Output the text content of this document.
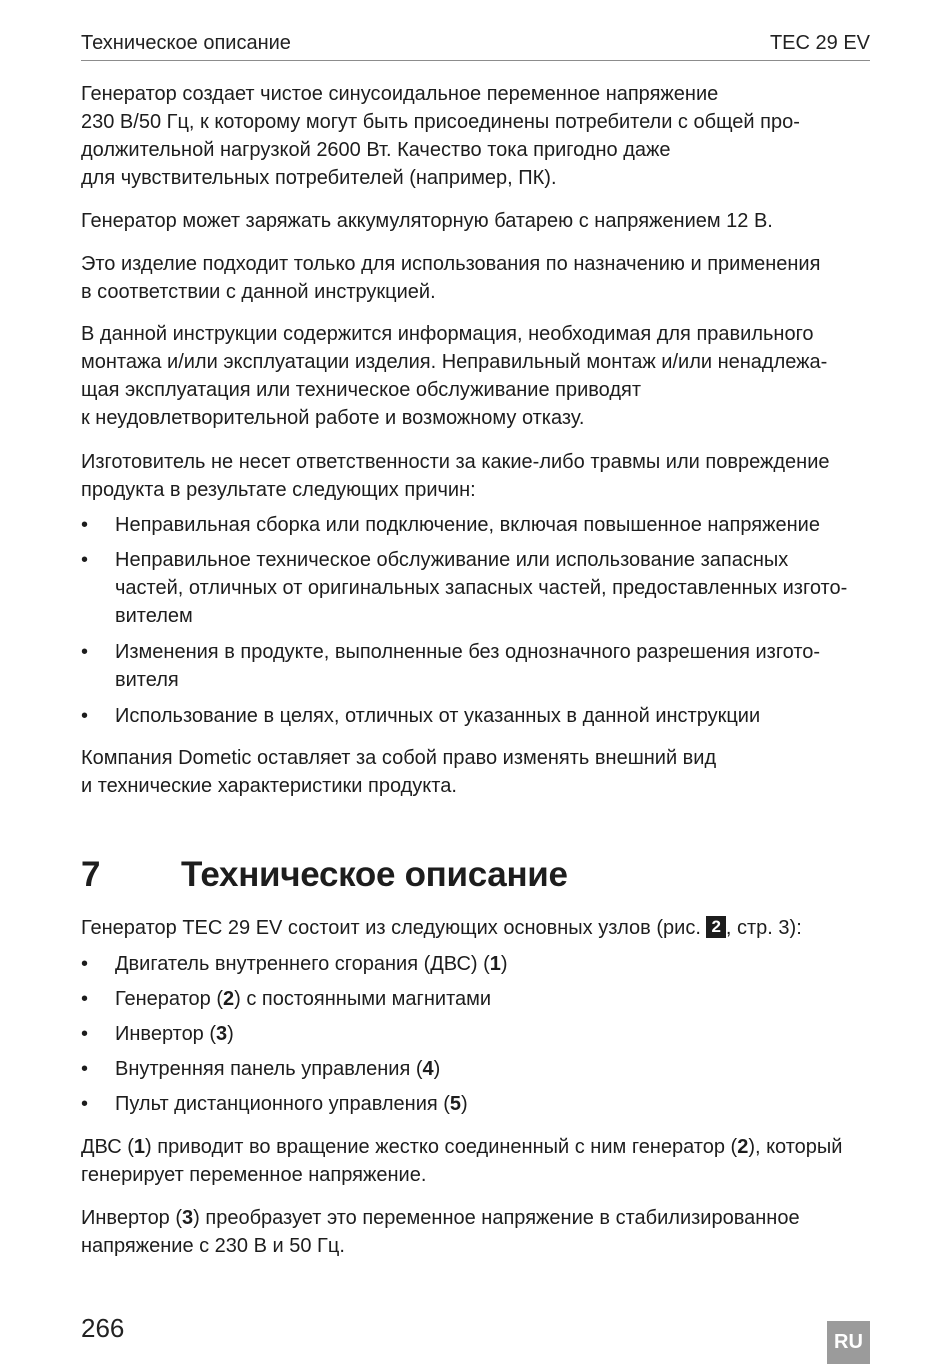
Техническое описание	TEC 29 EV
Генератор создает чистое синусоидальное переменное напряжение
230 В/50 Гц, к которому могут быть присоединены потребители с общей про-
должительной нагрузкой 2600 Вт. Качество тока пригодно даже
для чувствительных потребителей (например, ПК).
Генератор может заряжать аккумуляторную батарею с напряжением 12 В.
Это изделие подходит только для использования по назначению и применения
в соответствии с данной инструкцией.
В данной инструкции содержится информация, необходимая для правильного
монтажа и/или эксплуатации изделия. Неправильный монтаж и/или ненадлежа-
щая эксплуатация или техническое обслуживание приводят
к неудовлетворительной работе и возможному отказу.
Изготовитель не несет ответственности за какие-либо травмы или повреждение
продукта в результате следующих причин:
• Неправильная сборка или подключение, включая повышенное напряжение
• Неправильное техническое обслуживание или использование запасных
частей, отличных от оригинальных запасных частей, предоставленных изгото-
вителем
• Изменения в продукте, выполненные без однозначного разрешения изгото-
вителя
• Использование в целях, отличных от указанных в данной инструкции
Компания Dometic оставляет за собой право изменять внешний вид
и технические характеристики продукта.
7 Техническое описание
Генератор TEC 29 EV состоит из следующих основных узлов (рис. 2 , стр. 3):
• Двигатель внутреннего сгорания (ДВС) (1)
• Генератор (2) с постоянными магнитами
• Инвертор (3)
• Внутренняя панель управления (4)
• Пульт дистанционного управления (5)
ДВС (1) приводит во вращение жестко соединенный с ним генератор (2), который
генерирует переменное напряжение.
Инвертор (3) преобразует это переменное напряжение в стабилизированное
напряжение с 230 В и 50 Гц.
266	RU
